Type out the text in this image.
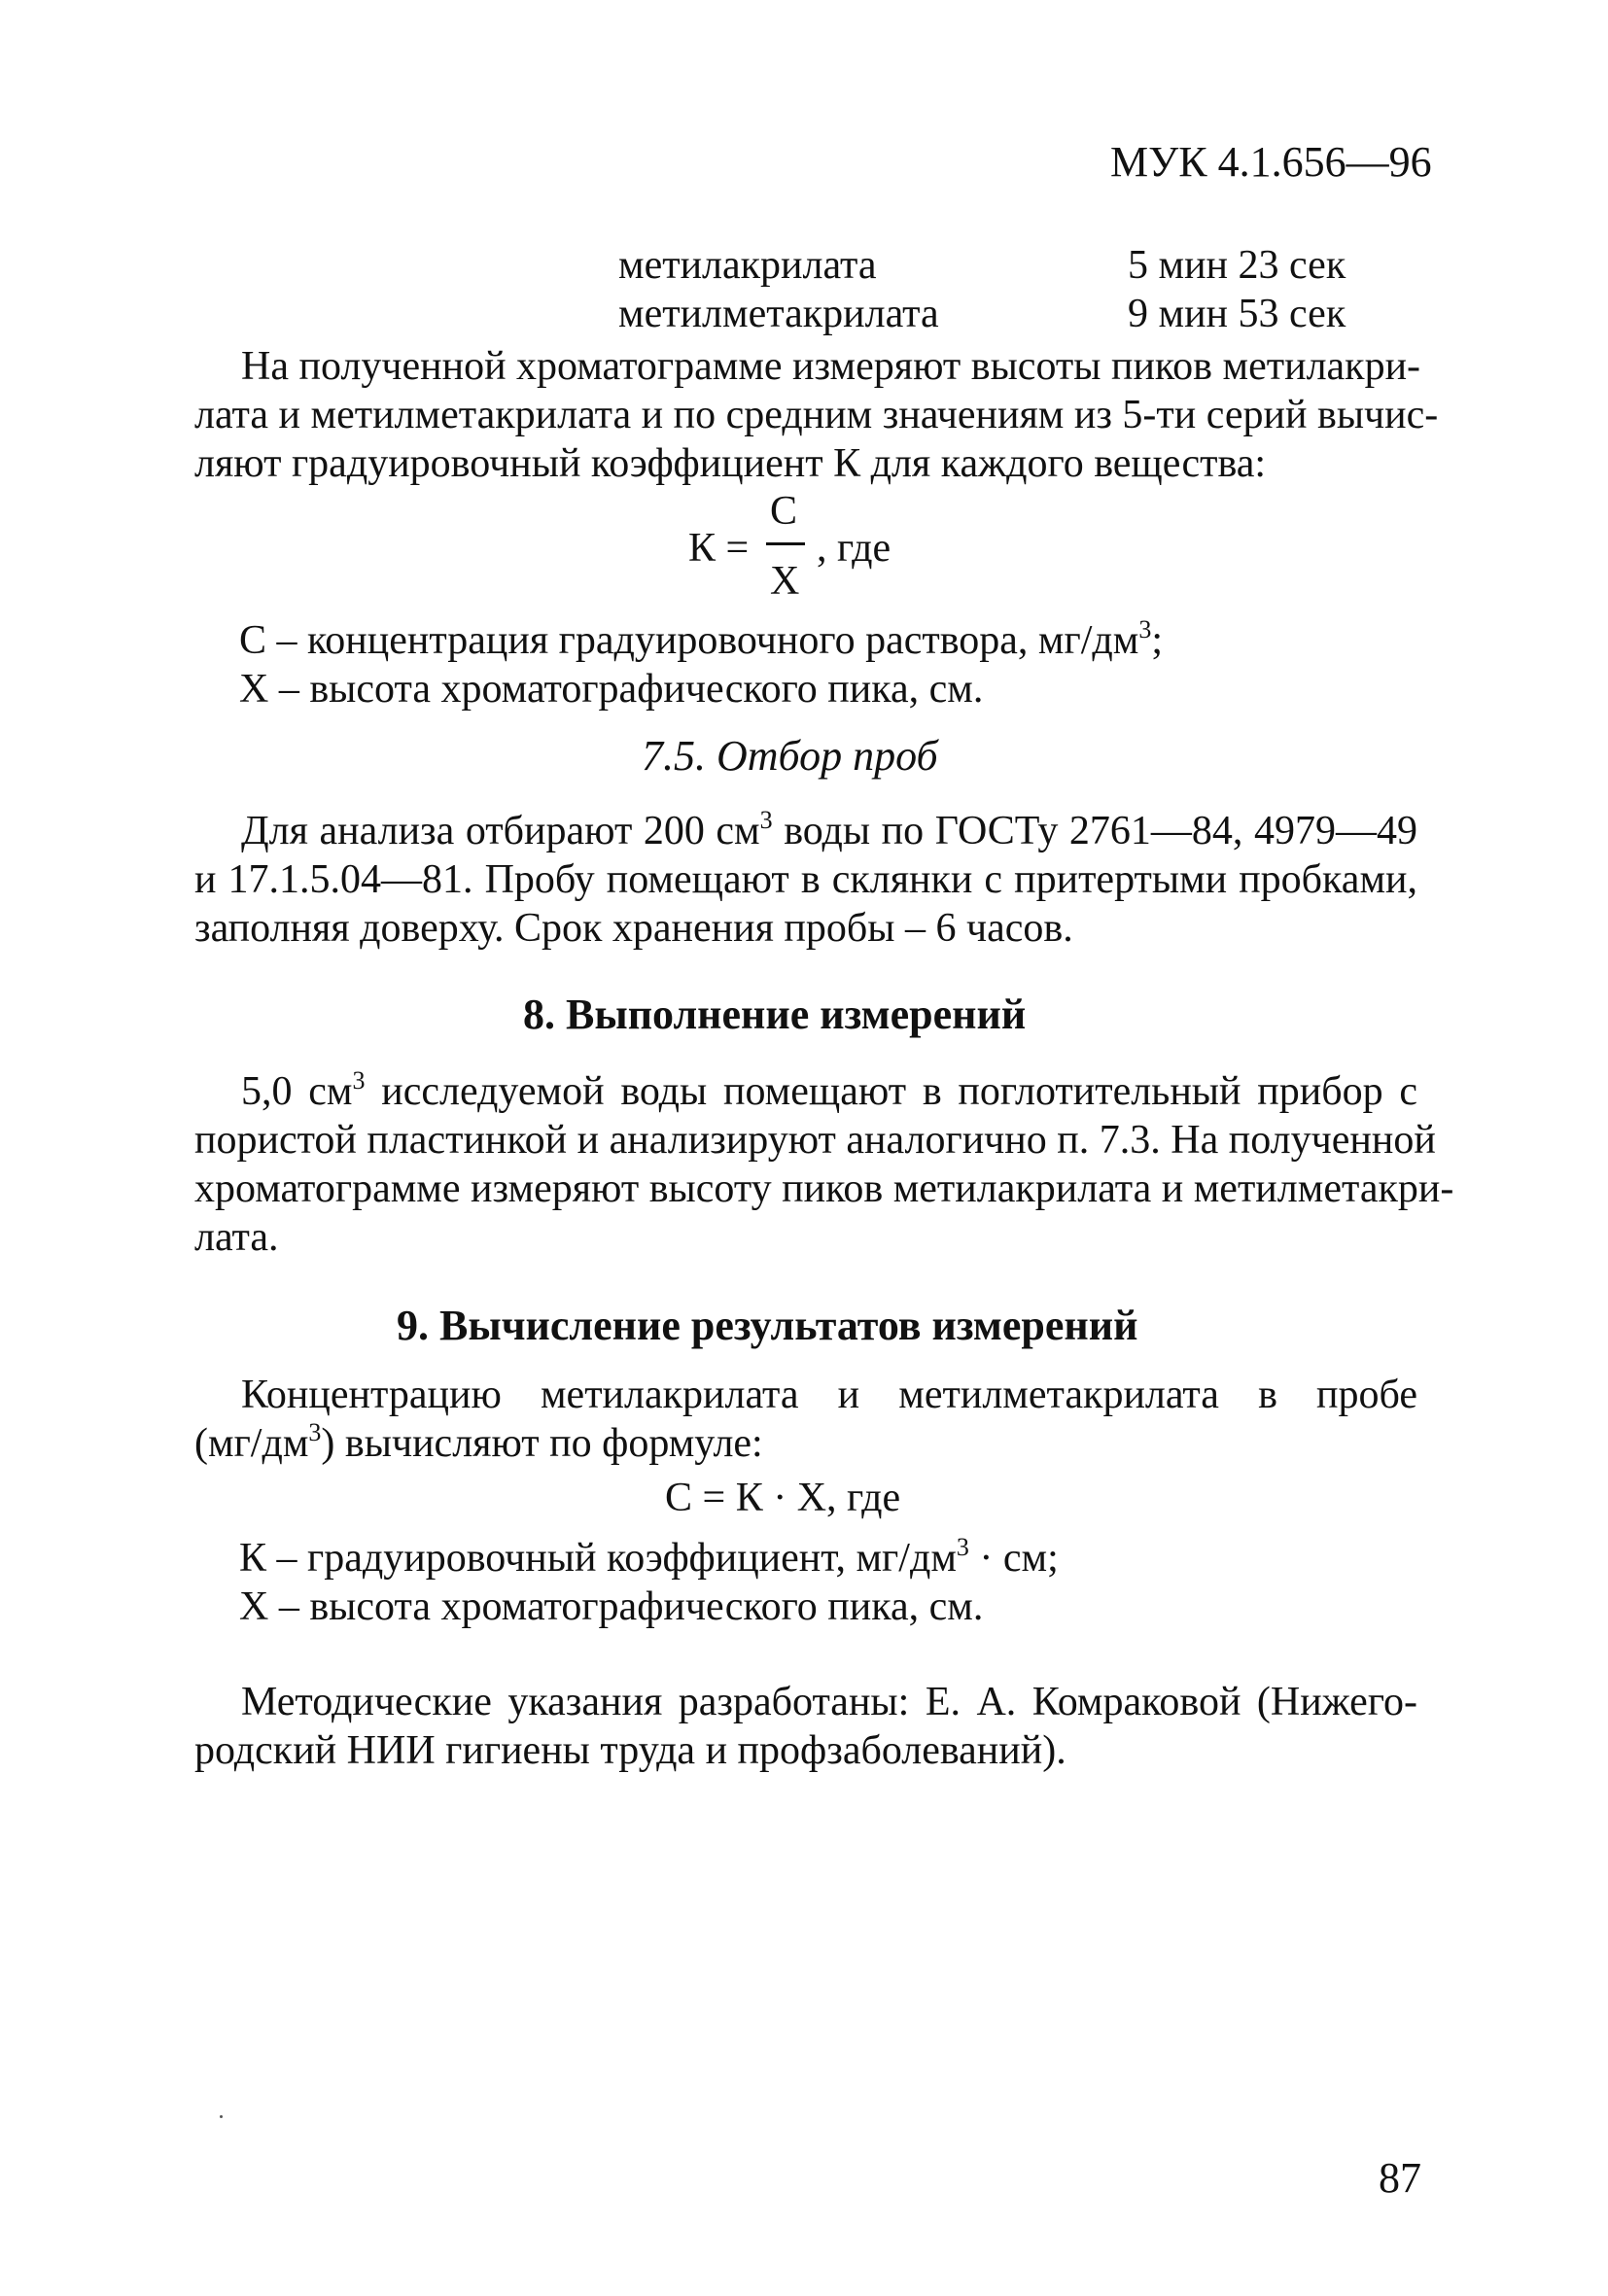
МУК 4.1.656—96
метилакрилата	5 мин 23 сек
метилметакрилата	9 мин 53 сек
На полученной хроматограмме измеряют высоты пиков метилакри-
лата и метилметакрилата и по средним значениям из 5-ти серий вычис-
ляют градуировочный коэффициент К для каждого вещества:
К =
С
Х
, где
С – концентрация градуировочного раствора, $мг/дм^3$;
Х – высота хроматографического пика, см.
7.5. Отбор проб
Для анализа отбирают 200 $см^3$ воды по ГОСТу 2761—84, 4979—49
и 17.1.5.04—81. Пробу помещают в склянки с притертыми пробками,
заполняя доверху. Срок хранения пробы – 6 часов.
8. Выполнение измерений
5,0 $см^3$ исследуемой воды помещают в поглотительный прибор с
пористой пластинкой и анализируют аналогично п. 7.3. На полученной
хроматограмме измеряют высоту пиков метилакрилата и метилметакри-
лата.
9. Вычисление результатов измерений
Концентрацию метилакрилата и метилметакрилата в пробе
$(мг/дм^3)$ вычисляют по формуле:
С = К · Х, где
К – градуировочный коэффициент, $мг/дм^3$ · см;
Х – высота хроматографического пика, см.
Методические указания разработаны: Е. А. Комраковой (Нижего-
родский НИИ гигиены труда и профзаболеваний).
87
